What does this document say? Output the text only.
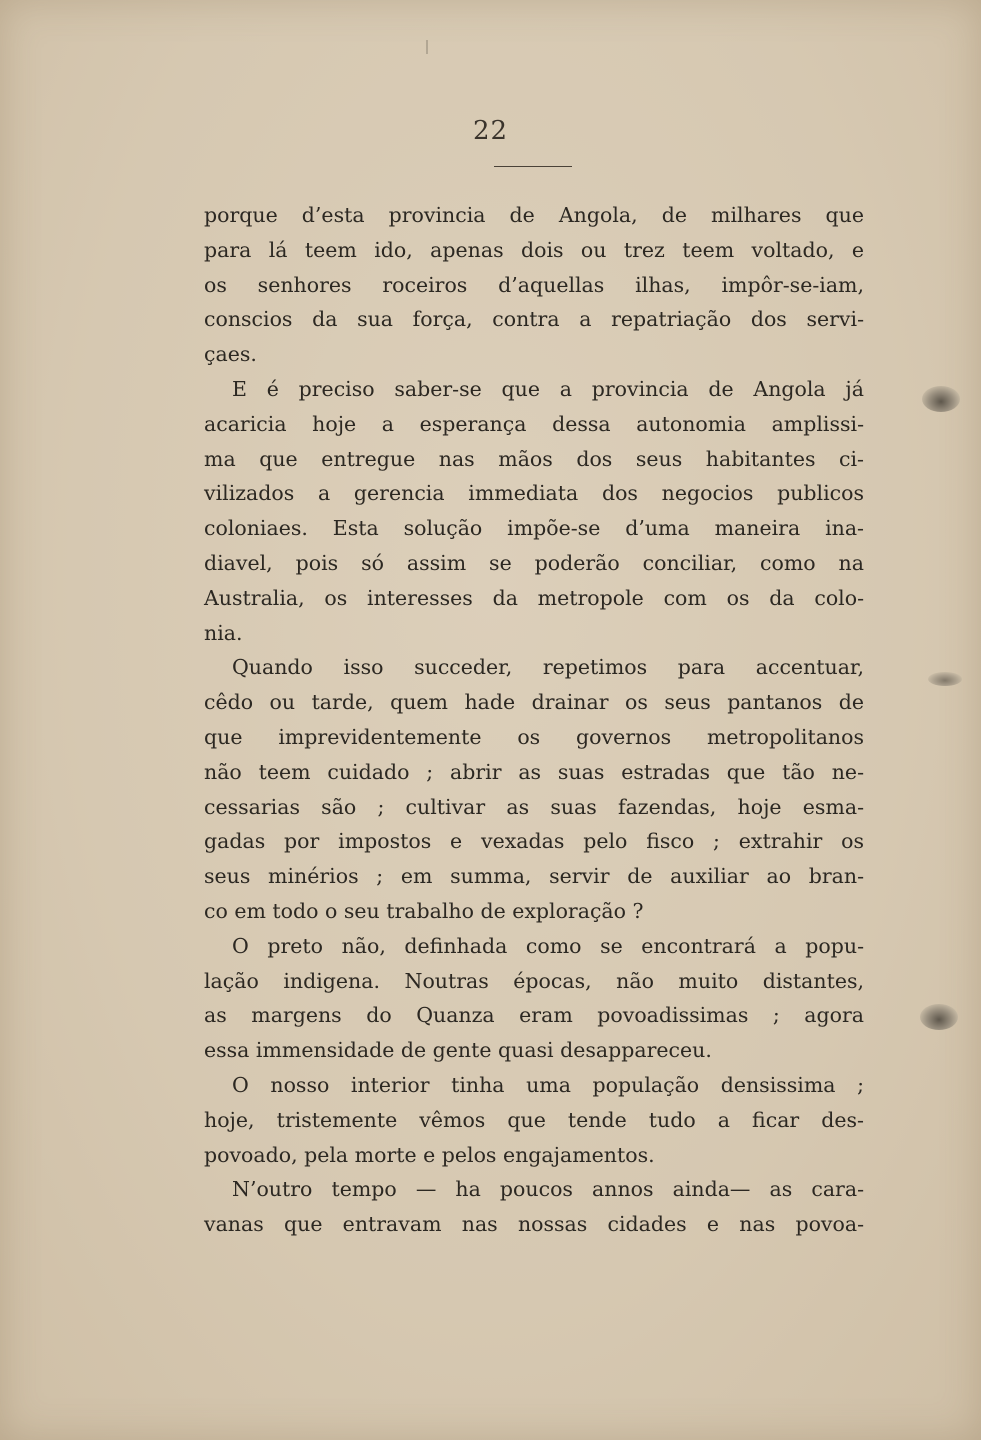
22
porque d’esta provincia de Angola, de milhares que
para lá teem ido, apenas dois ou trez teem voltado, e
os senhores roceiros d’aquellas ilhas, impôr-se-iam,
conscios da sua força, contra a repatriação dos servi-
çaes.
E é preciso saber-se que a provincia de Angola já
acaricia hoje a esperança dessa autonomia amplissi-
ma que entregue nas mãos dos seus habitantes ci-
vilizados a gerencia immediata dos negocios publicos
coloniaes. Esta solução impõe-se d’uma maneira ina-
diavel, pois só assim se poderão conciliar, como na
Australia, os interesses da metropole com os da colo-
nia.
Quando isso succeder, repetimos para accentuar,
cêdo ou tarde, quem hade drainar os seus pantanos de
que imprevidentemente os governos metropolitanos
não teem cuidado ; abrir as suas estradas que tão ne-
cessarias são ; cultivar as suas fazendas, hoje esma-
gadas por impostos e vexadas pelo fisco ; extrahir os
seus minérios ; em summa, servir de auxiliar ao bran-
co em todo o seu trabalho de exploração ?
O preto não, definhada como se encontrará a popu-
lação indigena. Noutras épocas, não muito distantes,
as margens do Quanza eram povoadissimas ; agora
essa immensidade de gente quasi desappareceu.
O nosso interior tinha uma população densissima ;
hoje, tristemente vêmos que tende tudo a ficar des-
povoado, pela morte e pelos engajamentos.
N’outro tempo — ha poucos annos ainda— as cara-
vanas que entravam nas nossas cidades e nas povoa-
